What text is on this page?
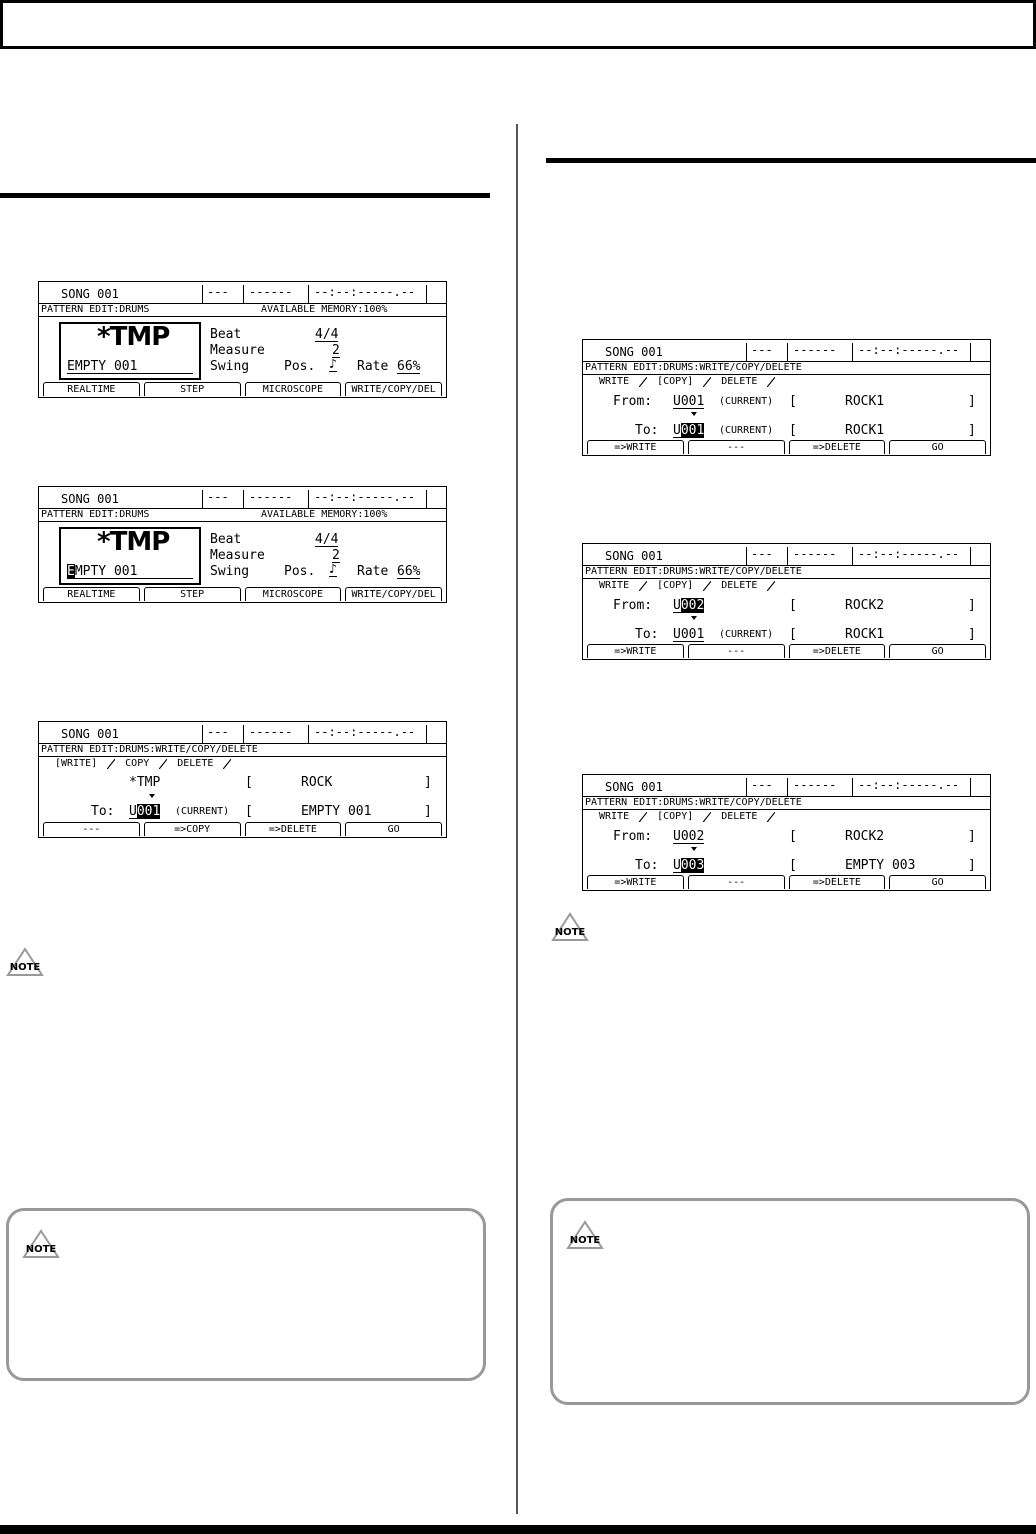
SONG 001	--- ------ --:--:-----.--
PATTERN EDIT:DRUMS	AVAILABLE MEMORY:100%
*TMP
EMPTY 001
Beat	4/4
Measure	2
Swing	Pos. ♪ Rate 66%
REALTIME	STEP	MICROSCOPE	WRITE/COPY/DEL
SONG 001	--- ------ --:--:-----.--
PATTERN EDIT:DRUMS	AVAILABLE MEMORY:100%
*TMP
EMPTY 001
Beat	4/4
Measure	2
Swing	Pos. ♪ Rate 66%
REALTIME	STEP	MICROSCOPE	WRITE/COPY/DEL
SONG 001	--- ------ --:--:-----.--
PATTERN EDIT:DRUMS:WRITE/COPY/DELETE
[WRITE]	COPY	DELETE
*TMP	[	ROCK	]
To: U001 (CURRENT) [	EMPTY 001	]
---	=>COPY	=>DELETE	GO
SONG 001	--- ------ --:--:-----.--
PATTERN EDIT:DRUMS:WRITE/COPY/DELETE
WRITE	[COPY]	DELETE
From: U001 (CURRENT) [	ROCK1	]
To: U001 (CURRENT) [	ROCK1	]
=>WRITE	---	=>DELETE	GO
SONG 001	--- ------ --:--:-----.--
PATTERN EDIT:DRUMS:WRITE/COPY/DELETE
WRITE	[COPY]	DELETE
From: U002	[	ROCK2	]
To: U001 (CURRENT) [	ROCK1	]
=>WRITE	---	=>DELETE	GO
SONG 001	--- ------ --:--:-----.--
PATTERN EDIT:DRUMS:WRITE/COPY/DELETE
WRITE	[COPY]	DELETE
From: U002	[	ROCK2	]
To: U003	[	EMPTY 003	]
=>WRITE	---	=>DELETE	GO
NOTE
NOTE
NOTE
NOTE
